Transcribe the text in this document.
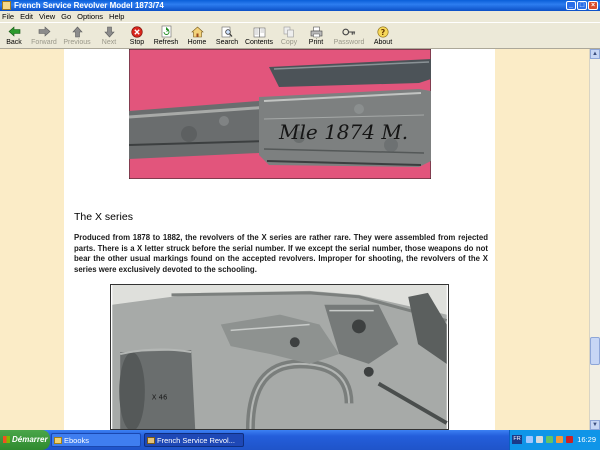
French Service Revolver Model 1873/74	_ □ ×
File Edit View Go Options Help
Back Forward Previous Next Stop Refresh Home Search Contents Copy Print Password
?
About
Mle 1874 M.
The X series
Produced from 1878 to 1882, the revolvers of the X series are rather rare. They were assembled from rejected parts. There is a X letter struck before the serial number. If we except the serial number, those weapons do not bear the other usual markings found on the accepted revolvers. Improper for shooting, the revolvers of the X series were exclusively devoted to the schooling.
X 46
▲
▼
Démarrer	Ebooks	French Service Revol...	FR	16:29
